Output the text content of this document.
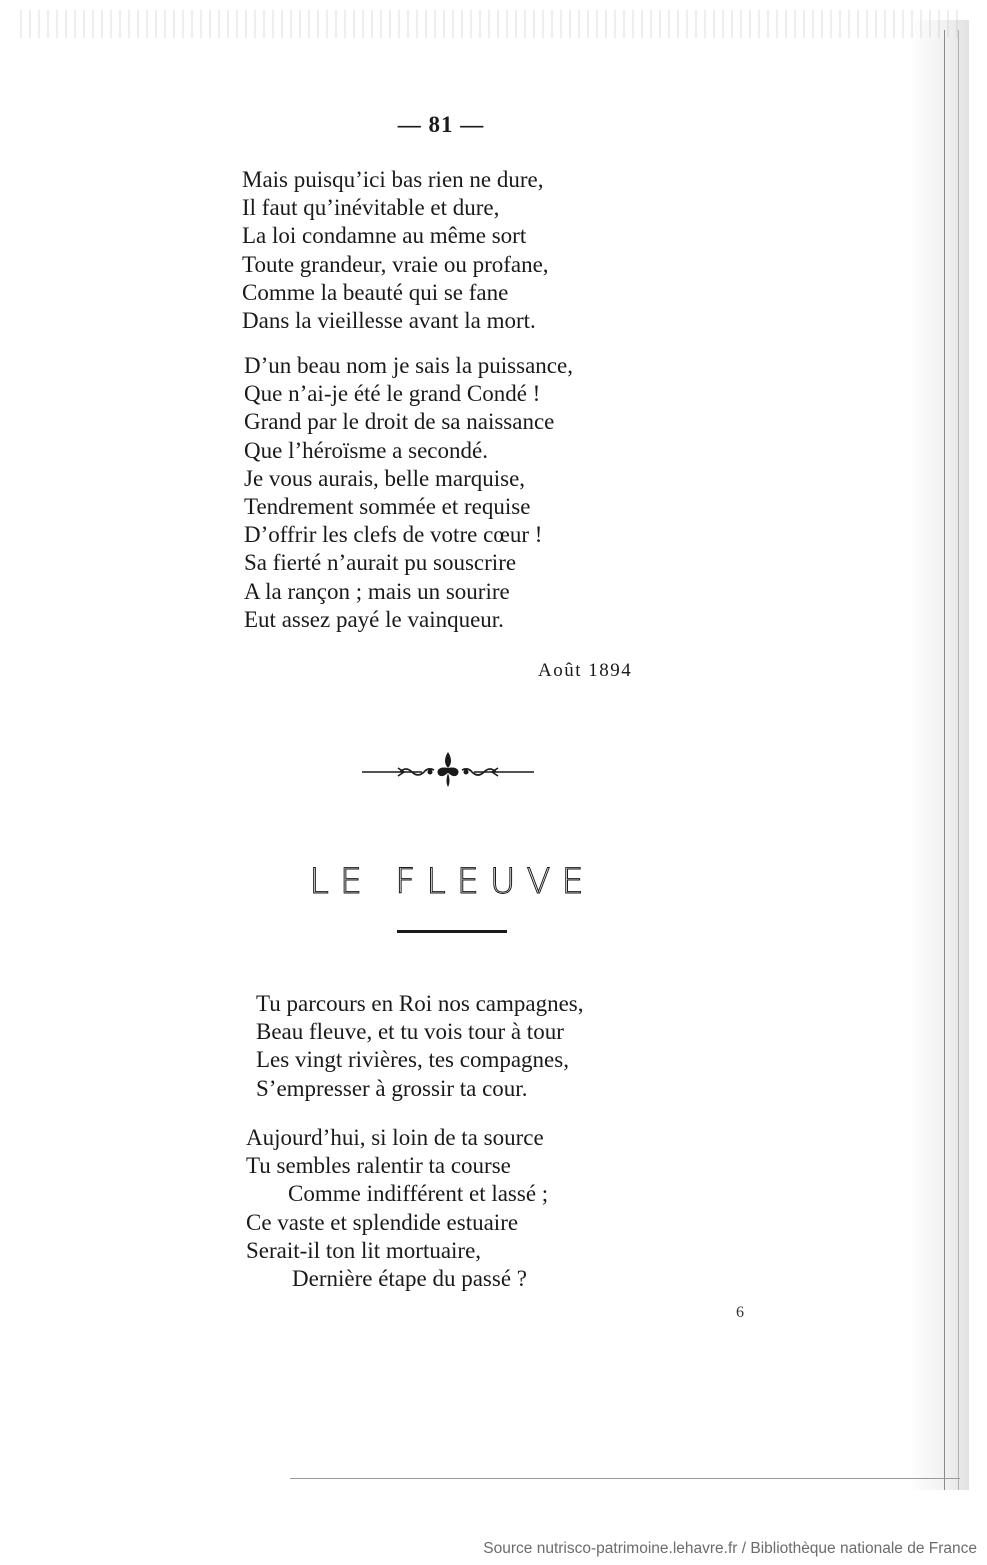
— 81 —
Mais puisqu’ici bas rien ne dure,
Il faut qu’inévitable et dure,
La loi condamne au même sort
Toute grandeur, vraie ou profane,
Comme la beauté qui se fane
Dans la vieillesse avant la mort.
D’un beau nom je sais la puissance,
Que n’ai-je été le grand Condé !
Grand par le droit de sa naissance
Que l’héroïsme a secondé.
Je vous aurais, belle marquise,
Tendrement sommée et requise
D’offrir les clefs de votre cœur !
Sa fierté n’aurait pu souscrire
A la rançon ; mais un sourire
Eut assez payé le vainqueur.
Août 1894
LE FLEUVE
Tu parcours en Roi nos campagnes,
Beau fleuve, et tu vois tour à tour
Les vingt rivières, tes compagnes,
S’empresser à grossir ta cour.
Aujourd’hui, si loin de ta source
Tu sembles ralentir ta course
Comme indifférent et lassé ;
Ce vaste et splendide estuaire
Serait-il ton lit mortuaire,
Dernière étape du passé ?
6
Source nutrisco-patrimoine.lehavre.fr / Bibliothèque nationale de France
